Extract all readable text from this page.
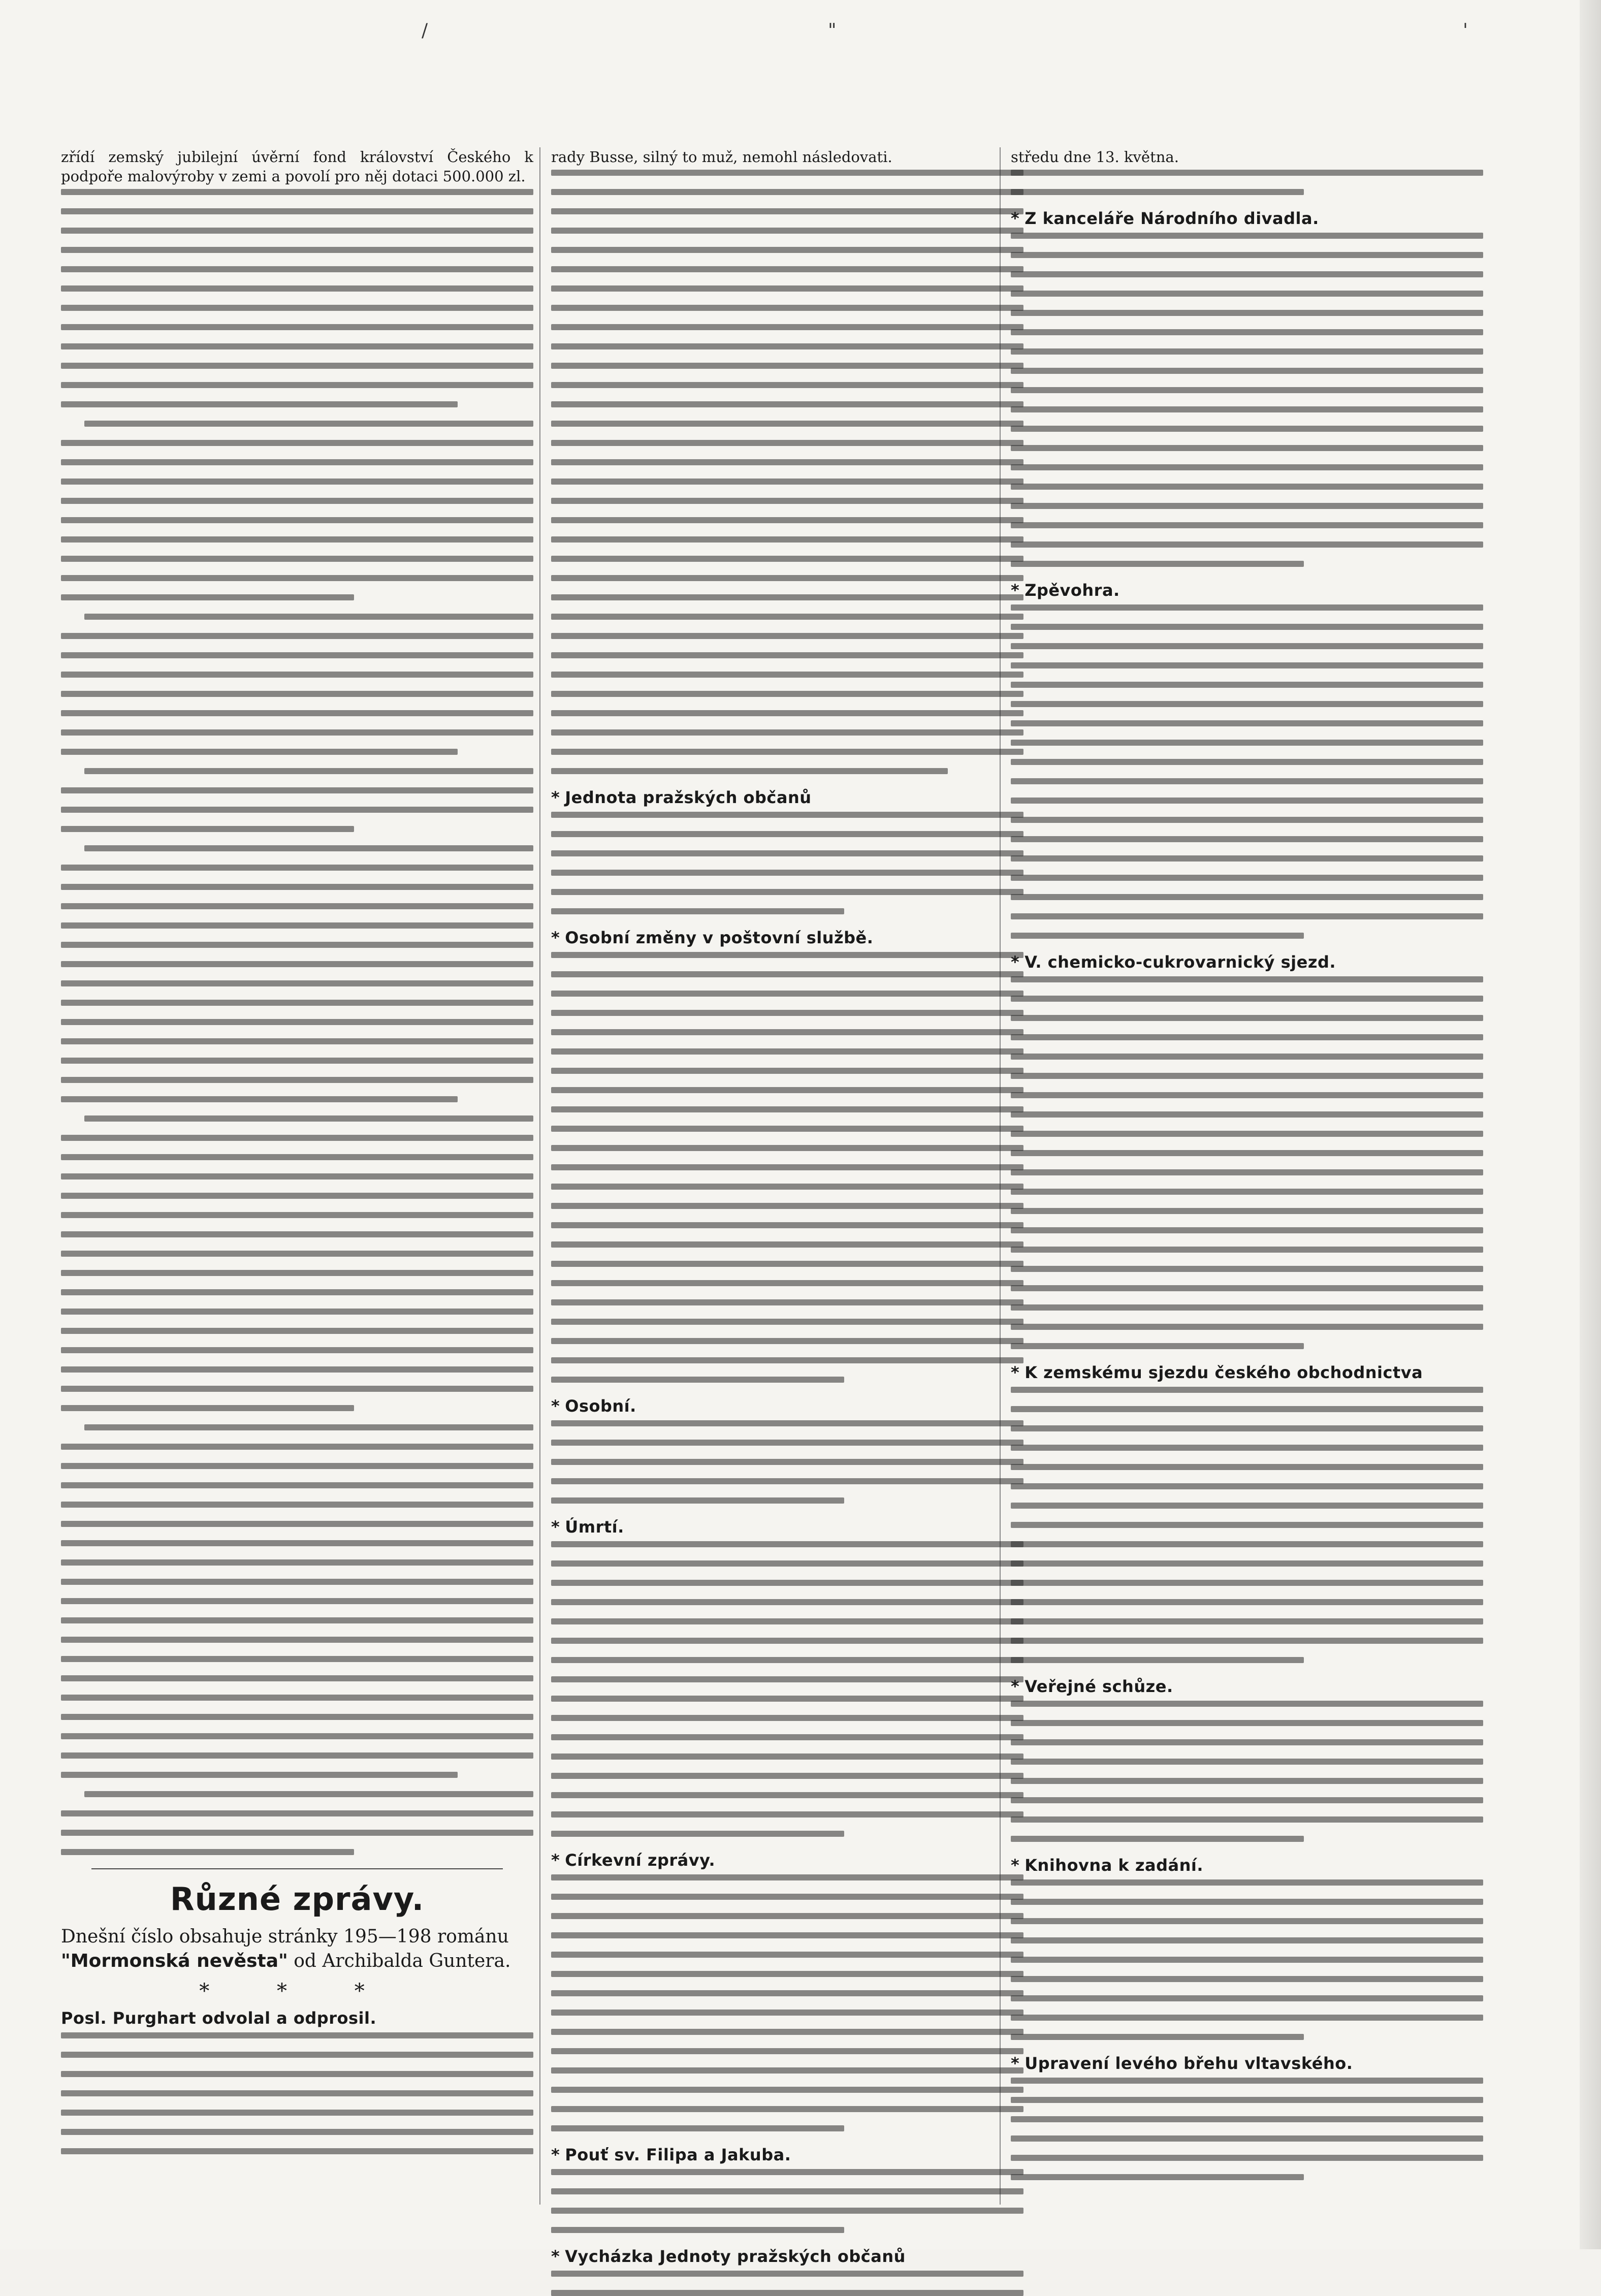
/	"	'

zřídí zemský jubilejní úvěrní fond království Českého k podpoře malovýroby v zemi a povolí pro něj dotaci 500.000 zl.

Různé zprávy.
Dnešní číslo obsahuje stránky 195—198 románu "Mormonská nevěsta" od Archibalda Guntera.
* * *
Posl. Purghart odvolal a odprosil.

rady Busse, silný to muž, nemohl následovati.

* Jednota pražských občanů
* Osobní změny v poštovní službě.
* Osobní.
* Úmrtí.
* Církevní zprávy.
* Pouť sv. Filipa a Jakuba.
* Vycházka Jednoty pražských občanů

středu dne 13. května.

* Z kanceláře Národního divadla.
* Zpěvohra.
* V. chemicko-cukrovarnický sjezd.
* K zemskému sjezdu českého obchodnictva
* Veřejné schůze.
* Knihovna k zadání.
* Upravení levého břehu vltavského.
